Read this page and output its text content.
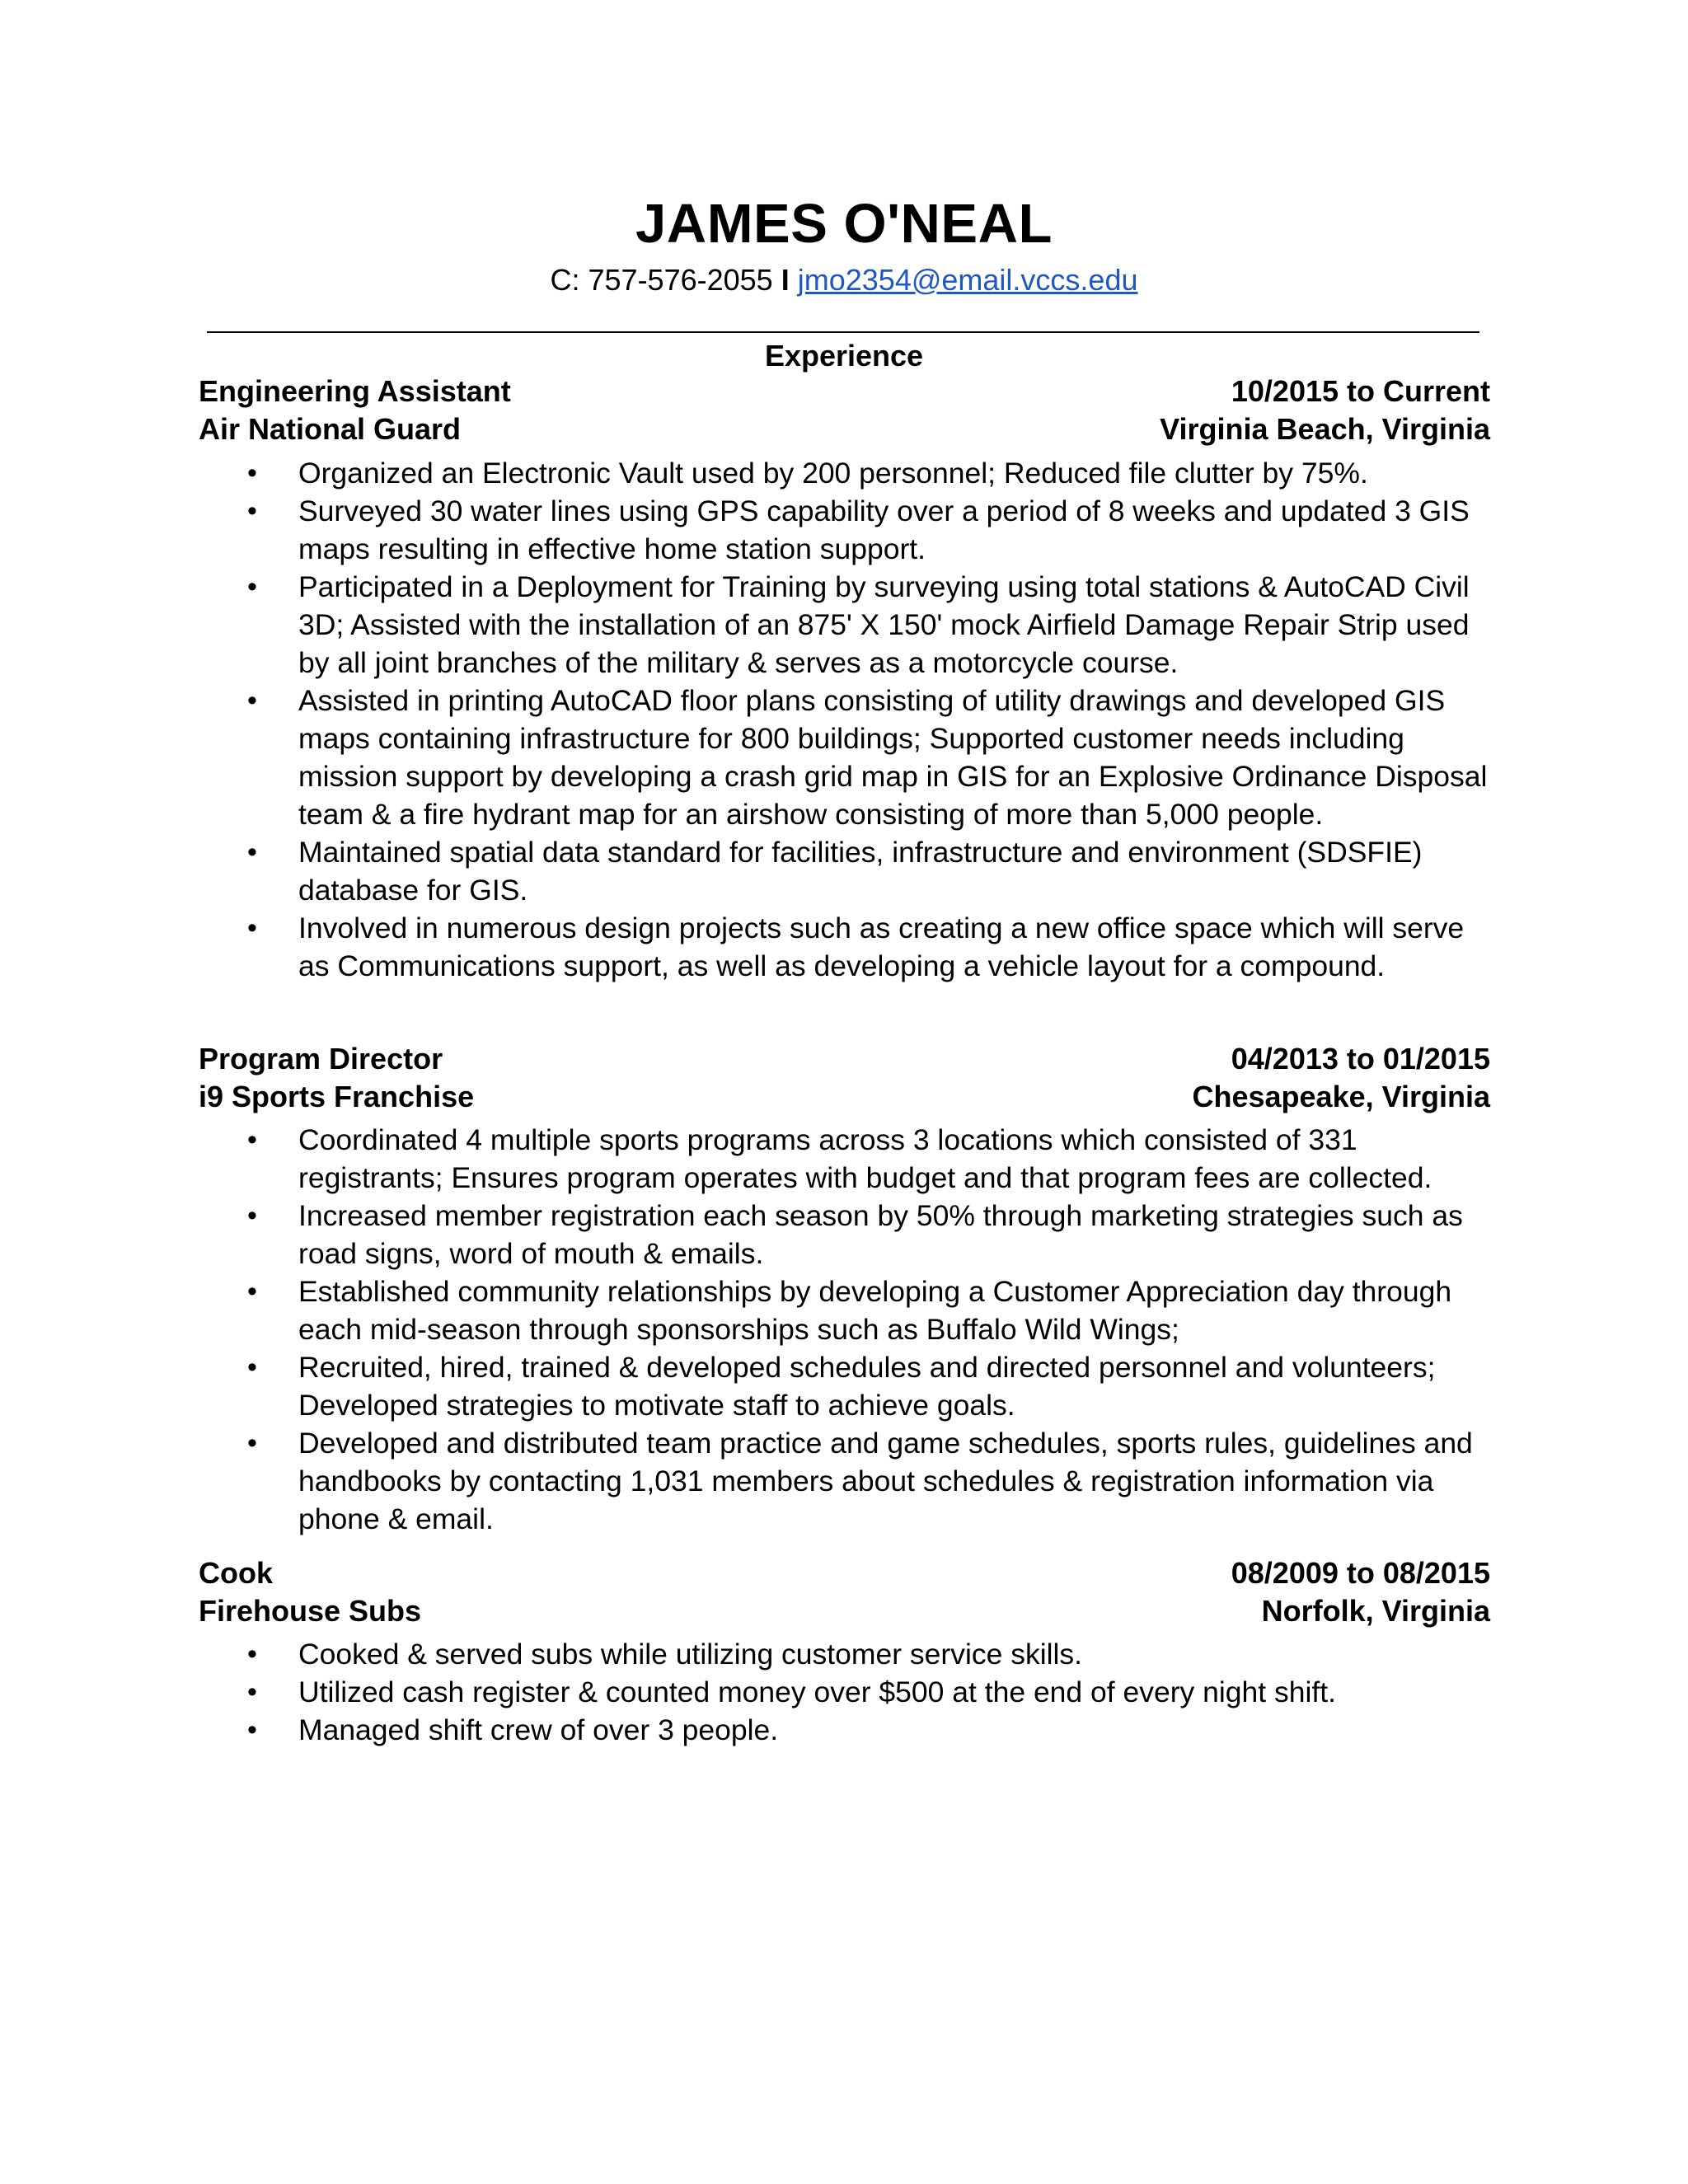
JAMES O'NEAL
C: 757-576-2055 I jmo2354@email.vccs.edu
Experience
Engineering Assistant	10/2015 to Current
Air National Guard	Virginia Beach, Virginia
• Organized an Electronic Vault used by 200 personnel; Reduced file clutter by 75%.
• Surveyed 30 water lines using GPS capability over a period of 8 weeks and updated 3 GIS maps resulting in effective home station support.
• Participated in a Deployment for Training by surveying using total stations & AutoCAD Civil 3D; Assisted with the installation of an 875' X 150' mock Airfield Damage Repair Strip used by all joint branches of the military & serves as a motorcycle course.
• Assisted in printing AutoCAD floor plans consisting of utility drawings and developed GIS maps containing infrastructure for 800 buildings; Supported customer needs including mission support by developing a crash grid map in GIS for an Explosive Ordinance Disposal team & a fire hydrant map for an airshow consisting of more than 5,000 people.
• Maintained spatial data standard for facilities, infrastructure and environment (SDSFIE) database for GIS.
• Involved in numerous design projects such as creating a new office space which will serve as Communications support, as well as developing a vehicle layout for a compound.
Program Director	04/2013 to 01/2015
i9 Sports Franchise	Chesapeake, Virginia
• Coordinated 4 multiple sports programs across 3 locations which consisted of 331 registrants; Ensures program operates with budget and that program fees are collected.
• Increased member registration each season by 50% through marketing strategies such as road signs, word of mouth & emails.
• Established community relationships by developing a Customer Appreciation day through each mid-season through sponsorships such as Buffalo Wild Wings;
• Recruited, hired, trained & developed schedules and directed personnel and volunteers; Developed strategies to motivate staff to achieve goals.
• Developed and distributed team practice and game schedules, sports rules, guidelines and handbooks by contacting 1,031 members about schedules & registration information via phone & email.
Cook	08/2009 to 08/2015
Firehouse Subs	Norfolk, Virginia
• Cooked & served subs while utilizing customer service skills.
• Utilized cash register & counted money over $500 at the end of every night shift.
• Managed shift crew of over 3 people.
